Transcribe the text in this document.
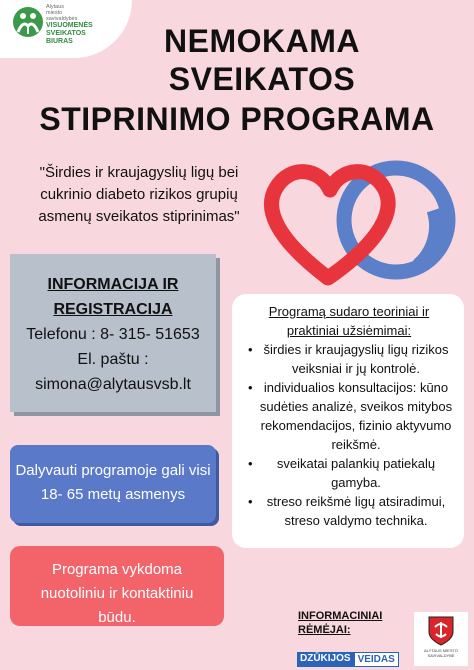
Alytaus
miesto
savivaldybės
VISUOMENĖS
SVEIKATOS
BIURAS	NEMOKAMA
SVEIKATOS
STIPRINIMO PROGRAMA
"Širdies ir kraujagyslių ligų bei cukrinio diabeto rizikos grupių asmenų sveikatos stiprinimas"
INFORMACIJA IR
REGISTRACIJA
Telefonu : 8- 315- 51653
El. paštu :
simona@alytausvsb.lt
Dalyvauti programoje gali visi 18- 65 metų asmenys
Programa vykdoma nuotoliniu ir kontaktiniu būdu.
Programą sudaro teoriniai ir praktiniai užsiėmimai:
• širdies ir kraujagyslių ligų rizikos veiksniai ir jų kontrolė.
• individualios konsultacijos: kūno sudėties analizė, sveikos mitybos rekomendacijos, fizinio aktyvumo reikšmė.
• sveikatai palankių patiekalų gamyba.
• streso reikšmė ligų atsiradimui, streso valdymo technika.
INFORMACINIAI
RĖMĖJAI:
DZŪKIJOS VEIDAS
ALYTAUS MIESTO SAVIVALDYBĖ
